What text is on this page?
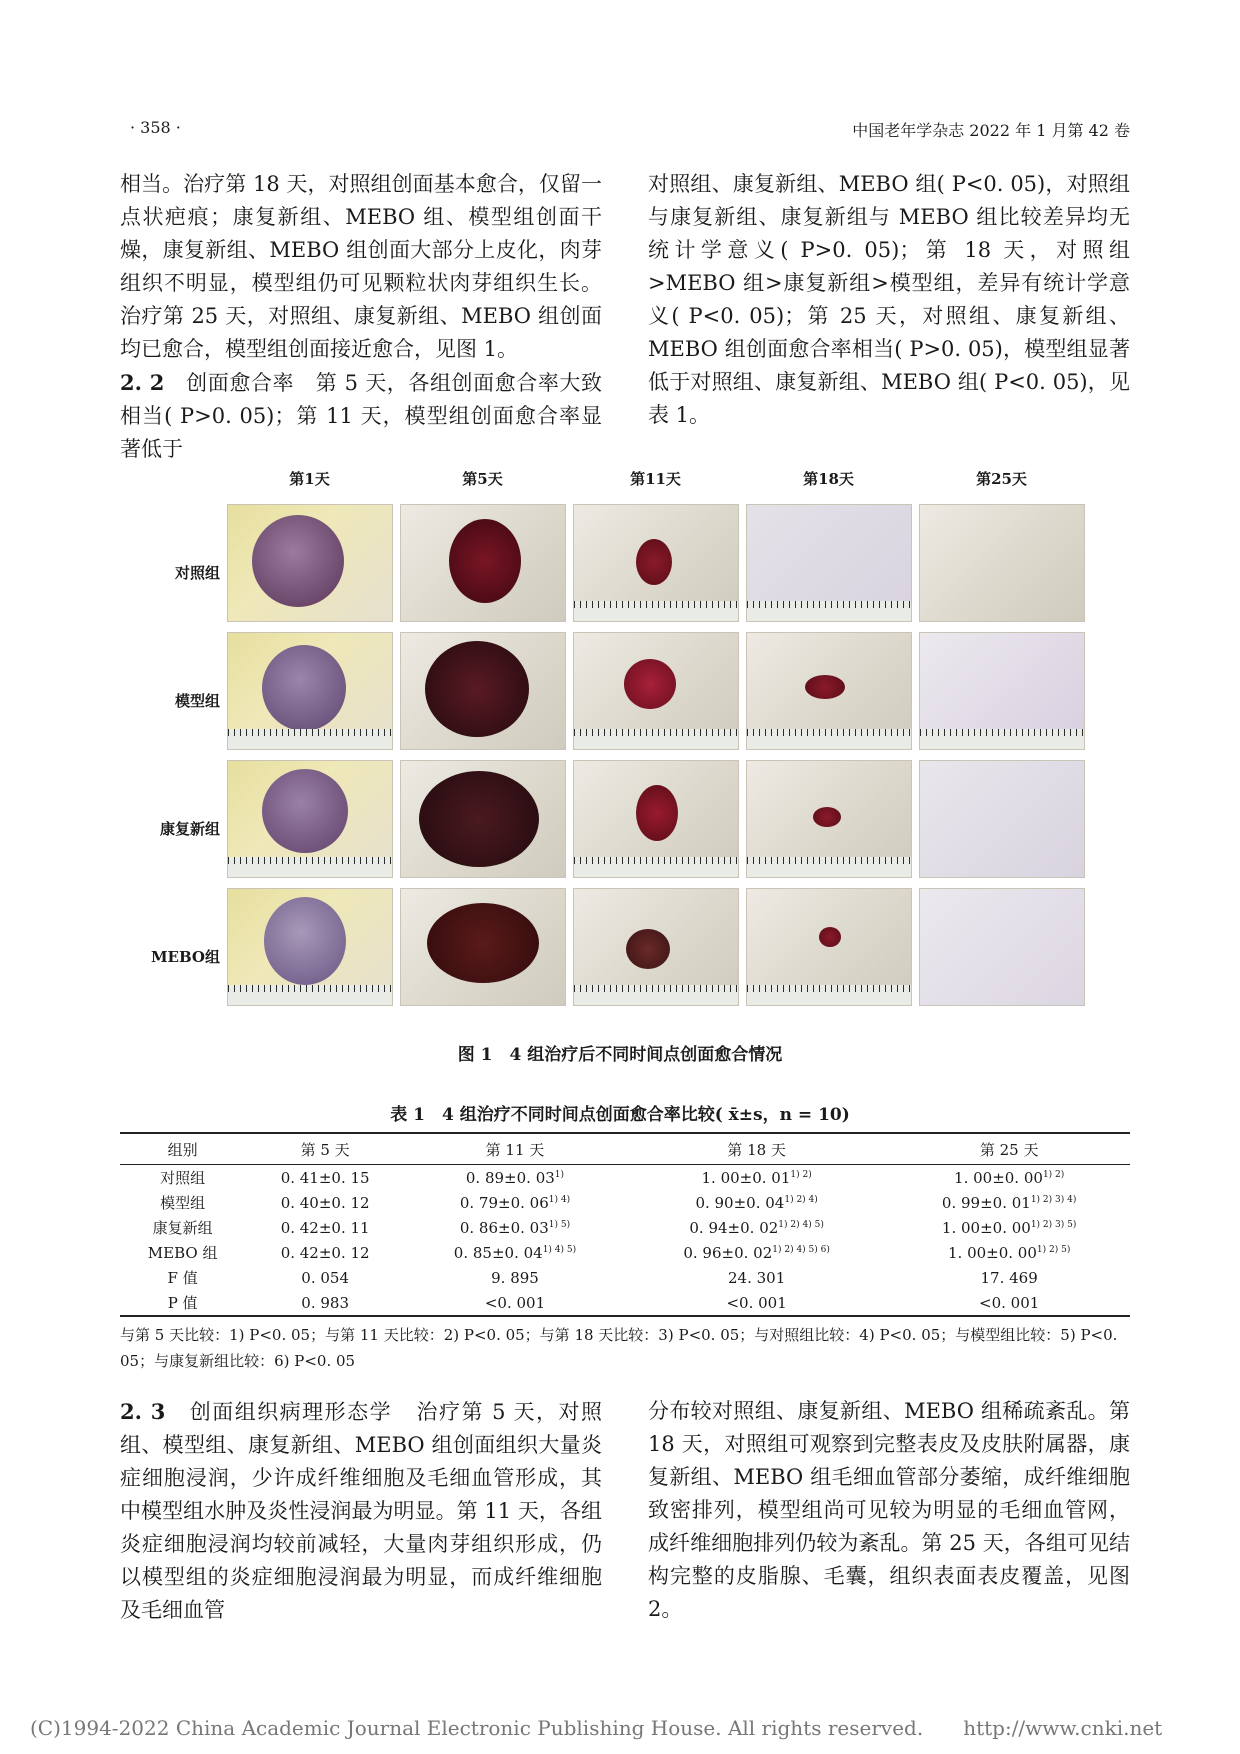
· 358 ·	中国老年学杂志 2022 年 1 月第 42 卷

相当。治疗第 18 天，对照组创面基本愈合，仅留一点状疤痕；康复新组、MEBO 组、模型组创面干燥，康复新组、MEBO 组创面大部分上皮化，肉芽组织不明显，模型组仍可见颗粒状肉芽组织生长。治疗第 25 天，对照组、康复新组、MEBO 组创面均已愈合，模型组创面接近愈合，见图 1。

2. 2 创面愈合率 第 5 天，各组创面愈合率大致相当( P>0. 05)；第 11 天，模型组创面愈合率显著低于

对照组、康复新组、MEBO 组( P<0. 05)，对照组与康复新组、康复新组与 MEBO 组比较差异均无统计学意义( P>0. 05)；第 18 天，对照组>MEBO 组>康复新组>模型组，差异有统计学意义( P<0. 05)；第 25 天，对照组、康复新组、MEBO 组创面愈合率相当( P>0. 05)，模型组显著低于对照组、康复新组、MEBO 组( P<0. 05)，见表 1。

第1天	第5天	第11天	第18天	第25天
对照组
模型组
康复新组
MEBO组
图 1　4 组治疗后不同时间点创面愈合情况
表 1　4 组治疗不同时间点创面愈合率比较( x̄±s，n = 10)
组别	第 5 天	第 11 天	第 18 天	第 25 天
对照组	0. 41±0. 15	0. 89±0. 03$^{1)}$	1. 00±0. $01^{1) 2)}$	1. 00±0. $00^{1) 2)}$
模型组	0. 40±0. 12	0. 79±0. $06^{1) 4)}$	0. 90±0. $04^{1) 2) 4)}$	0. 99±0. $01^{1) 2) 3) 4)}$
康复新组	0. 42±0. 11	0. 86±0. $03^{1) 5)}$	0. 94±0. $02^{1) 2) 4) 5)}$	1. 00±0. $00^{1) 2) 3) 5)}$
MEBO 组	0. 42±0. 12	0. 85±0. $04^{1) 4) 5)}$	0. 96±0. $02^{1) 2) 4) 5) 6)}$	1. 00±0. $00^{1) 2) 5)}$
F 值	0. 054	9. 895	24. 301	17. 469
P 值	0. 983	<0. 001	<0. 001	<0. 001
与第 5 天比较：1) P<0. 05；与第 11 天比较：2) P<0. 05；与第 18 天比较：3) P<0. 05；与对照组比较：4) P<0. 05；与模型组比较：5) P<0. 05；与康复新组比较：6) P<0. 05

2. 3 创面组织病理形态学 治疗第 5 天，对照组、模型组、康复新组、MEBO 组创面组织大量炎症细胞浸润，少许成纤维细胞及毛细血管形成，其中模型组水肿及炎性浸润最为明显。第 11 天，各组炎症细胞浸润均较前减轻，大量肉芽组织形成，仍以模型组的炎症细胞浸润最为明显，而成纤维细胞及毛细血管

分布较对照组、康复新组、MEBO 组稀疏紊乱。第 18 天，对照组可观察到完整表皮及皮肤附属器，康复新组、MEBO 组毛细血管部分萎缩，成纤维细胞致密排列，模型组尚可见较为明显的毛细血管网，成纤维细胞排列仍较为紊乱。第 25 天，各组可见结构完整的皮脂腺、毛囊，组织表面表皮覆盖，见图 2。

(C)1994-2022 China Academic Journal Electronic Publishing House. All rights reserved.　　http://www.cnki.net
